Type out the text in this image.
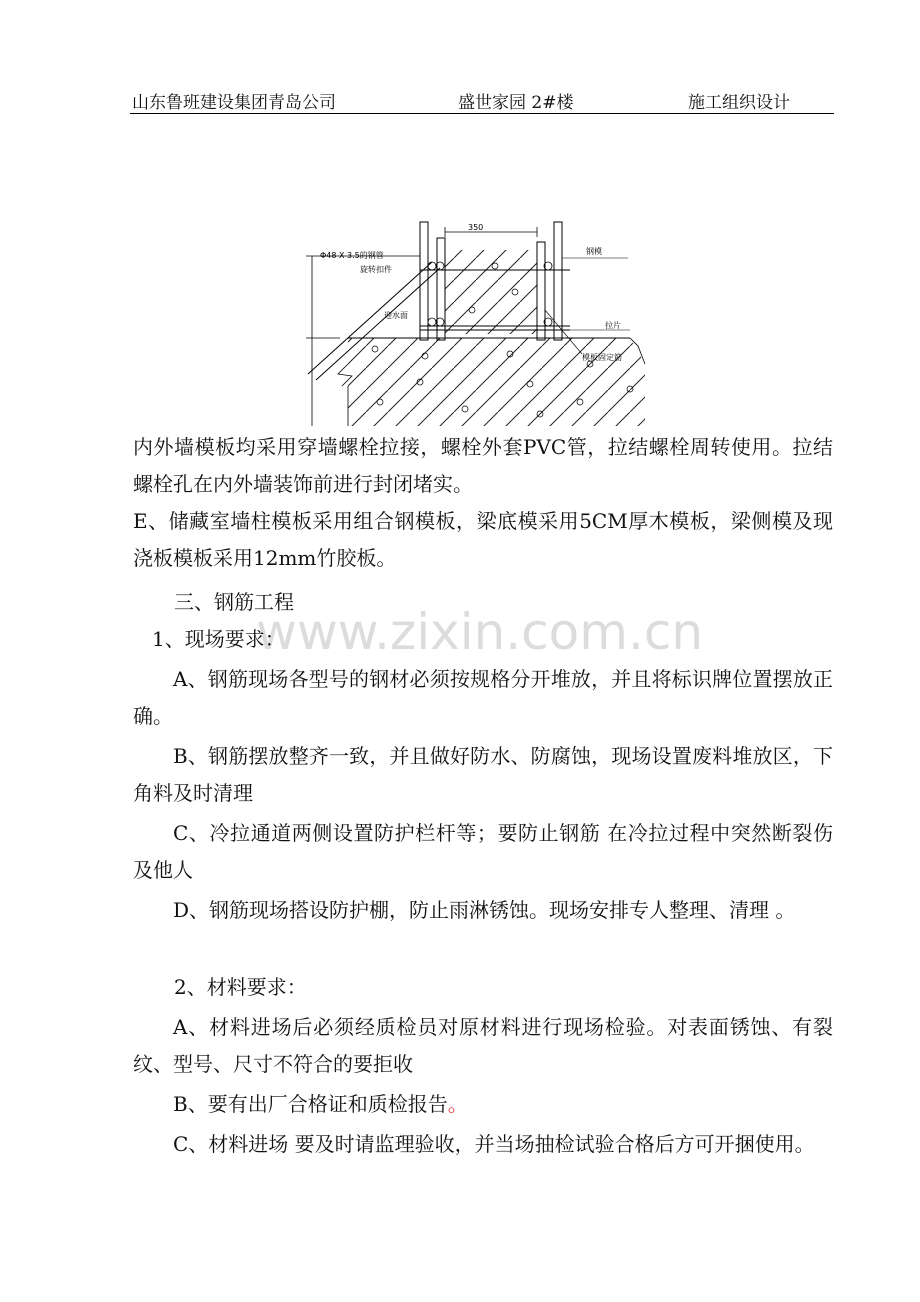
山东鲁班建设集团青岛公司	盛世家园 2#楼	施工组织设计
350
Φ48 X 3.5的钢管
旋转扣件
迎水面
钢模
拉片
模板固定筋
www.zixin.com.cn

内外墙模板均采用穿墙螺栓拉接，螺栓外套PVC管，拉结螺栓周转使用。拉结螺栓孔在内外墙装饰前进行封闭堵实。

E、储藏室墙柱模板采用组合钢模板，梁底模采用5CM厚木模板，梁侧模及现浇板模板采用12mm竹胶板。

三、钢筋工程

1、现场要求：

A、钢筋现场各型号的钢材必须按规格分开堆放，并且将标识牌位置摆放正确。

B、钢筋摆放整齐一致，并且做好防水、防腐蚀，现场设置废料堆放区，下角料及时清理

C、冷拉通道两侧设置防护栏杆等；要防止钢筋 在冷拉过程中突然断裂伤及他人

D、钢筋现场搭设防护棚，防止雨淋锈蚀。现场安排专人整理、清理 。

2、材料要求：

A、材料进场后必须经质检员对原材料进行现场检验。对表面锈蚀、有裂纹、型号、尺寸不符合的要拒收

B、要有出厂合格证和质检报告。

C、材料进场 要及时请监理验收，并当场抽检试验合格后方可开捆使用。
